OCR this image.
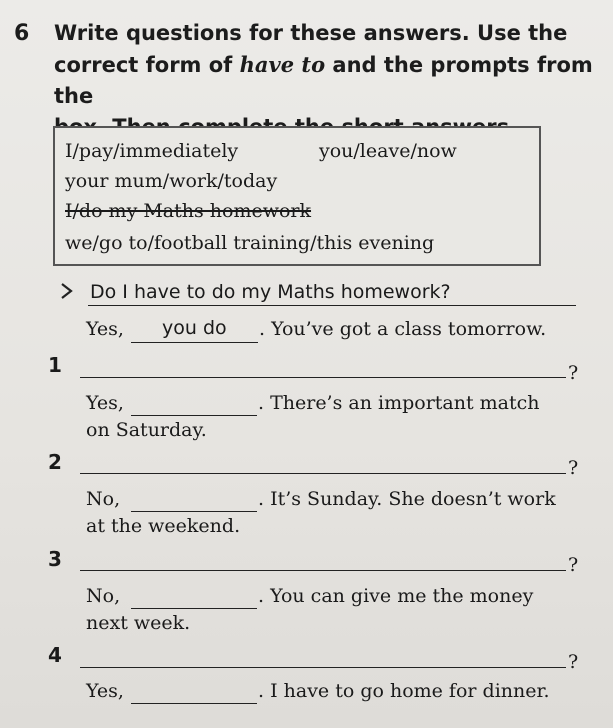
6 Write questions for these answers. Use the
correct form of have to and the prompts from the
I/pay/immediately	you/leave/now
your mum/work/today
I/do my Maths homework
we/go to/football training/this evening
Do I have to do my Maths homework?
Yes, you do . You’ve got a class tomorrow.
1	?
Yes,	. There’s an important match
on Saturday.
2	?
No,	. It’s Sunday. She doesn’t work
at the weekend.
3	?
No,	. You can give me the money
next week.
4	?
Yes,	. I have to go home for dinner.
